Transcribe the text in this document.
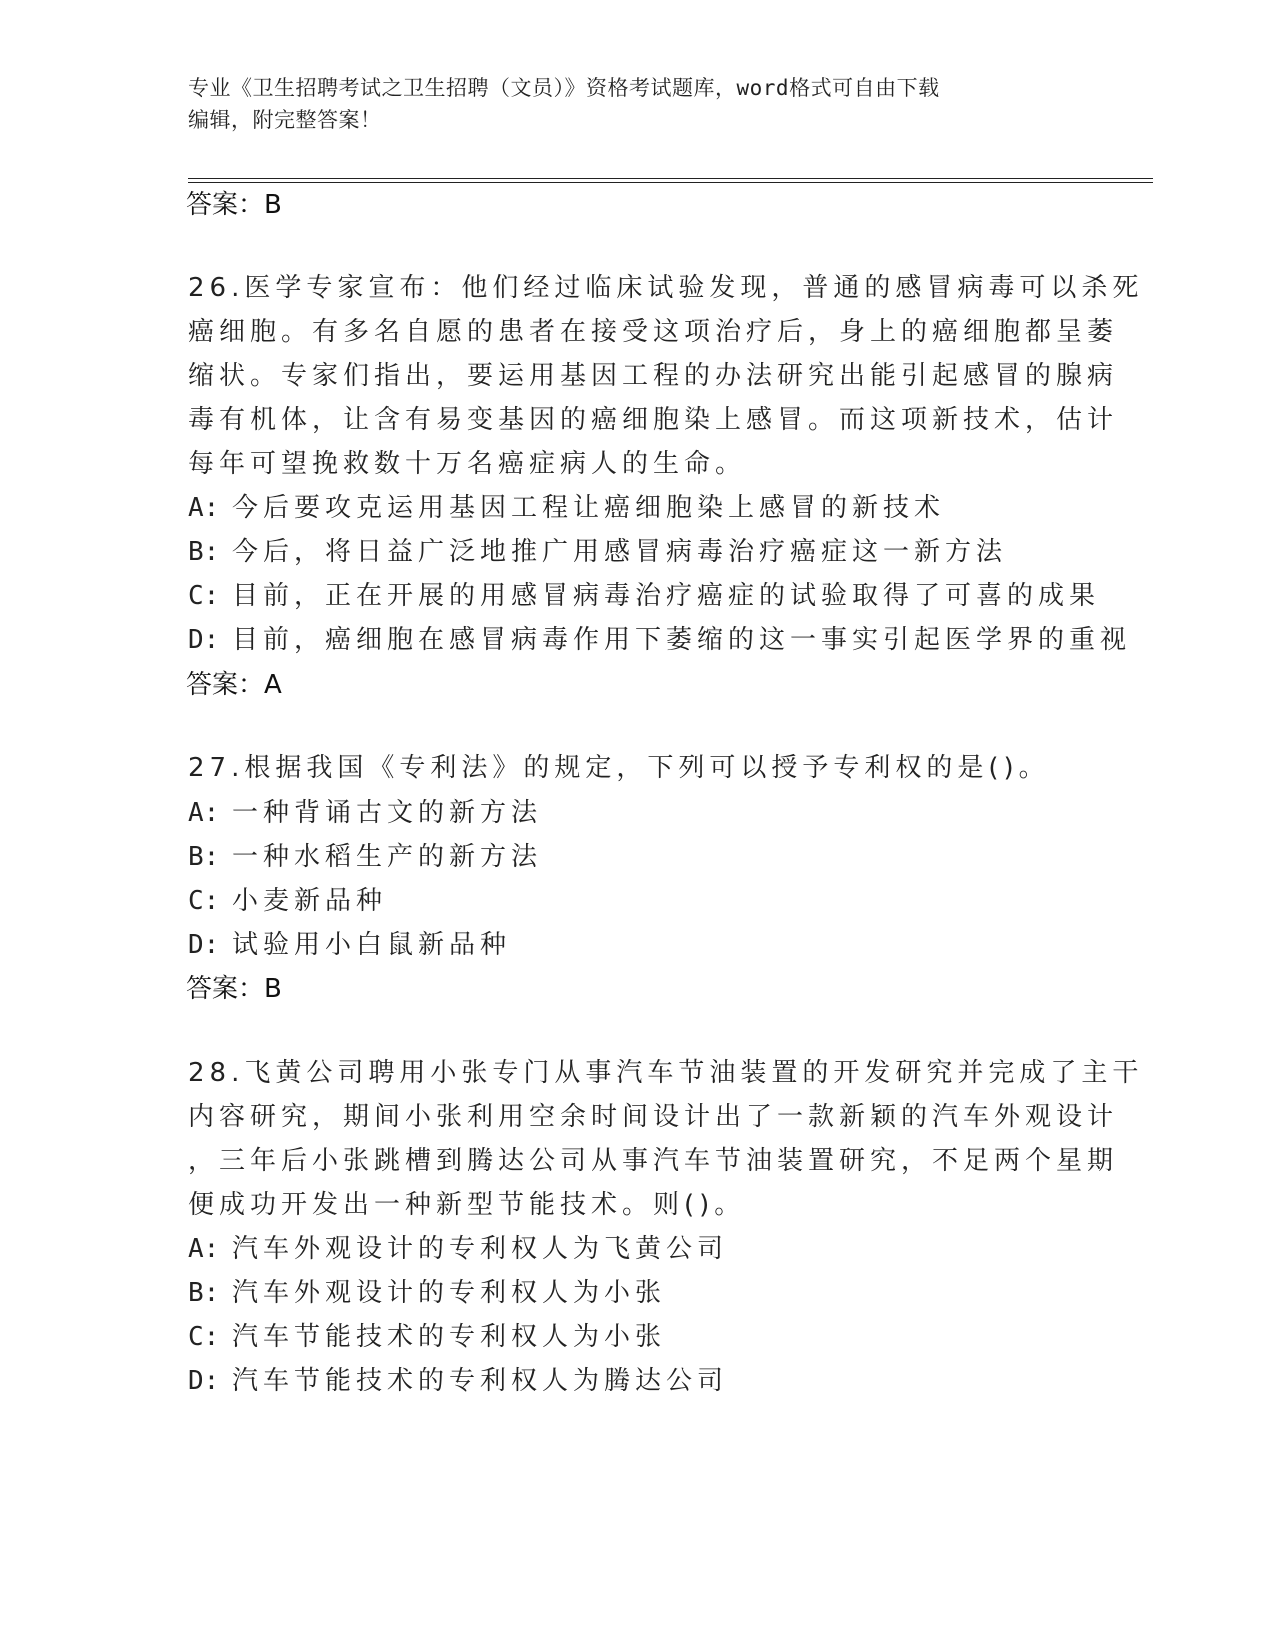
专业《卫生招聘考试之卫生招聘（文员）》资格考试题库，word格式可自由下载
编辑，附完整答案！
答案：B
26.医学专家宣布：他们经过临床试验发现，普通的感冒病毒可以杀死
癌细胞。有多名自愿的患者在接受这项治疗后，身上的癌细胞都呈萎
缩状。专家们指出，要运用基因工程的办法研究出能引起感冒的腺病
毒有机体，让含有易变基因的癌细胞染上感冒。而这项新技术，估计
每年可望挽救数十万名癌症病人的生命。
A: 今后要攻克运用基因工程让癌细胞染上感冒的新技术
B: 今后，将日益广泛地推广用感冒病毒治疗癌症这一新方法
C: 目前，正在开展的用感冒病毒治疗癌症的试验取得了可喜的成果
D: 目前，癌细胞在感冒病毒作用下萎缩的这一事实引起医学界的重视
答案：A
27.根据我国《专利法》的规定，下列可以授予专利权的是()。
A: 一种背诵古文的新方法
B: 一种水稻生产的新方法
C: 小麦新品种
D: 试验用小白鼠新品种
答案：B
28.飞黄公司聘用小张专门从事汽车节油装置的开发研究并完成了主干
内容研究，期间小张利用空余时间设计出了一款新颖的汽车外观设计
，三年后小张跳槽到腾达公司从事汽车节油装置研究，不足两个星期
便成功开发出一种新型节能技术。则()。
A: 汽车外观设计的专利权人为飞黄公司
B: 汽车外观设计的专利权人为小张
C: 汽车节能技术的专利权人为小张
D: 汽车节能技术的专利权人为腾达公司
